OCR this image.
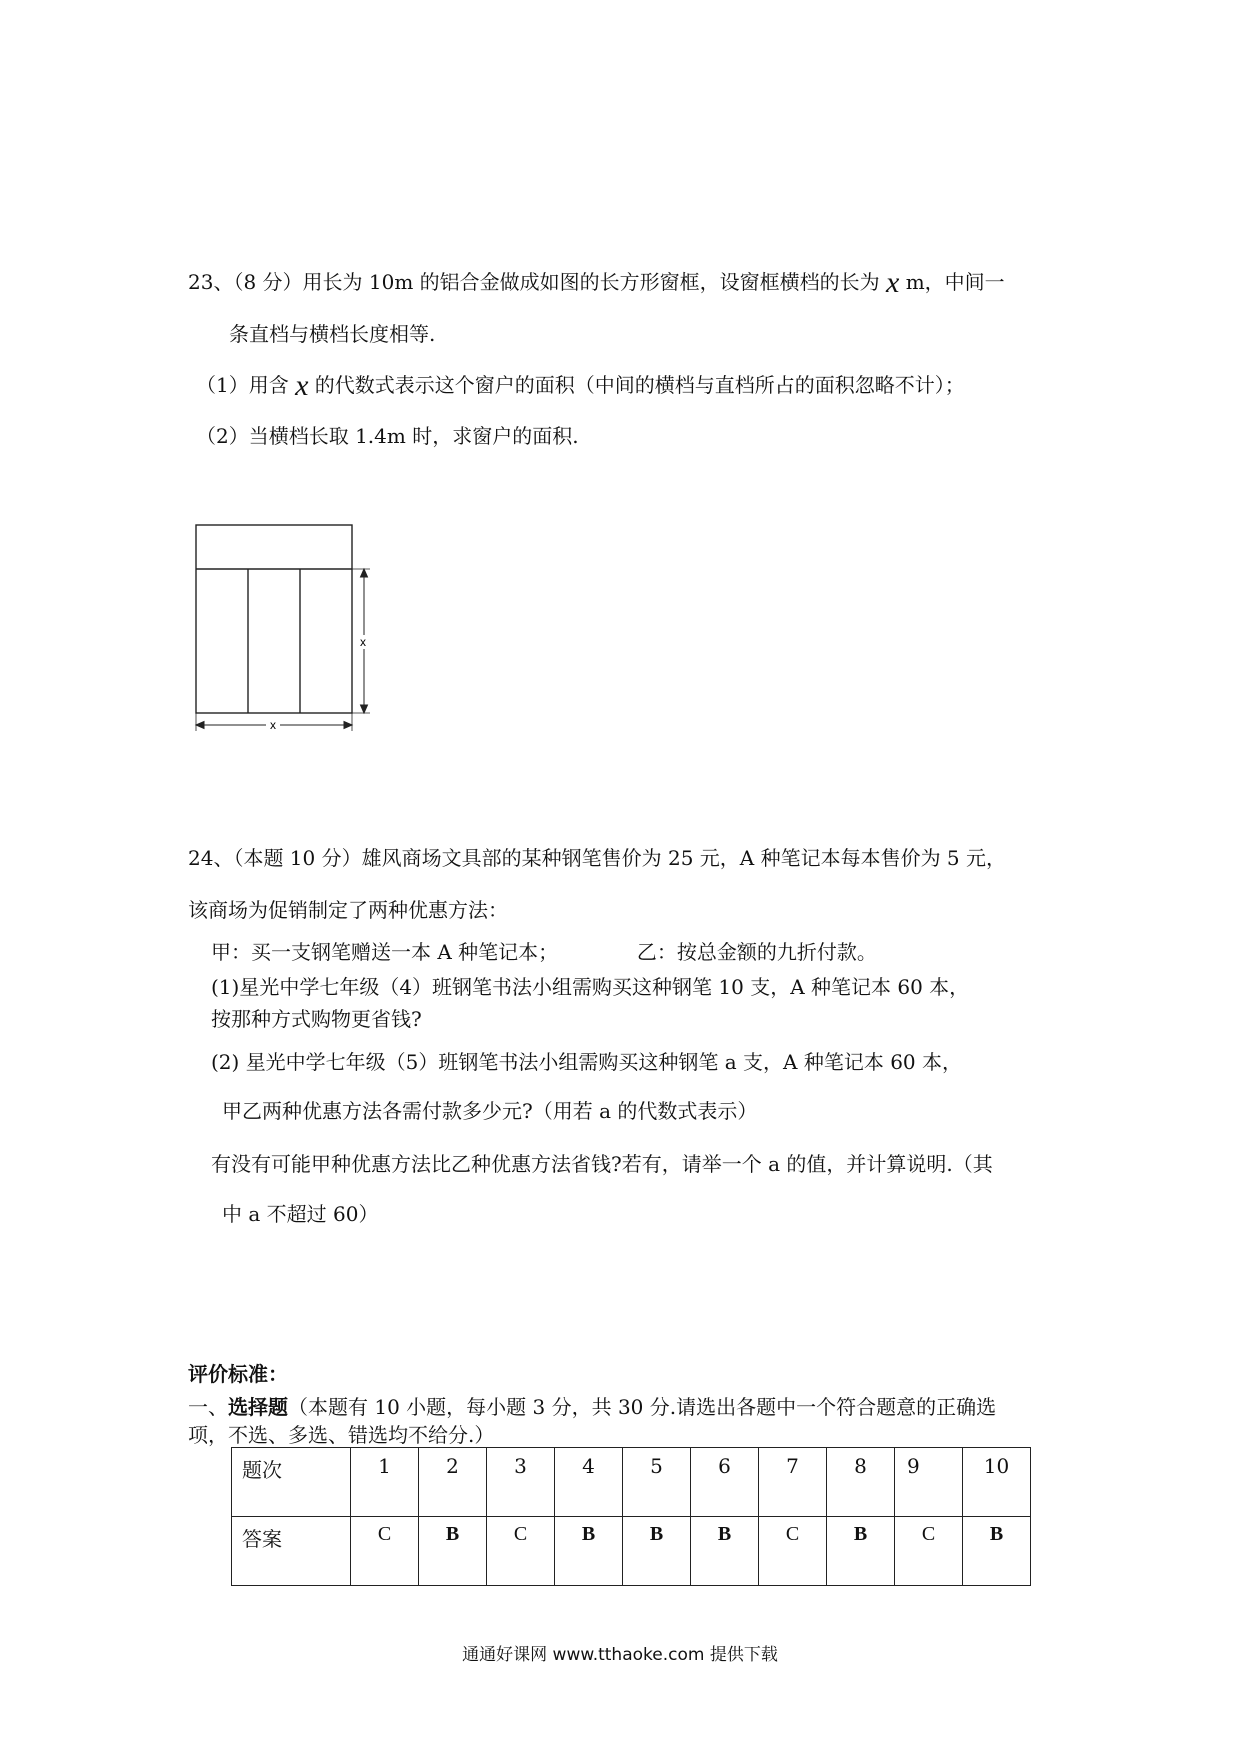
23、（8 分）用长为 10m 的铝合金做成如图的长方形窗框，设窗框横档的长为 x m，中间一
条直档与横档长度相等.
（1）用含 x 的代数式表示这个窗户的面积（中间的横档与直档所占的面积忽略不计）；
（2）当横档长取 1.4m 时，求窗户的面积.
x
x
24、（本题 10 分）雄风商场文具部的某种钢笔售价为 25 元，A 种笔记本每本售价为 5 元，
该商场为促销制定了两种优惠方法：
甲：买一支钢笔赠送一本 A 种笔记本；	乙：按总金额的九折付款。
(1)星光中学七年级（4）班钢笔书法小组需购买这种钢笔 10 支，A 种笔记本 60 本，
按那种方式购物更省钱?
(2) 星光中学七年级（5）班钢笔书法小组需购买这种钢笔 a 支，A 种笔记本 60 本，
甲乙两种优惠方法各需付款多少元?（用若 a 的代数式表示）
有没有可能甲种优惠方法比乙种优惠方法省钱?若有，请举一个 a 的值，并计算说明.（其
中 a 不超过 60）
评价标准：
一、选择题（本题有 10 小题，每小题 3 分，共 30 分.请选出各题中一个符合题意的正确选
项，不选、多选、错选均不给分.）
题次	1	2	3	4	5	6	7	8	9	10
答案	C	B	C	B	B	B	C	B	C	B
通通好课网 www.tthaoke.com 提供下载
